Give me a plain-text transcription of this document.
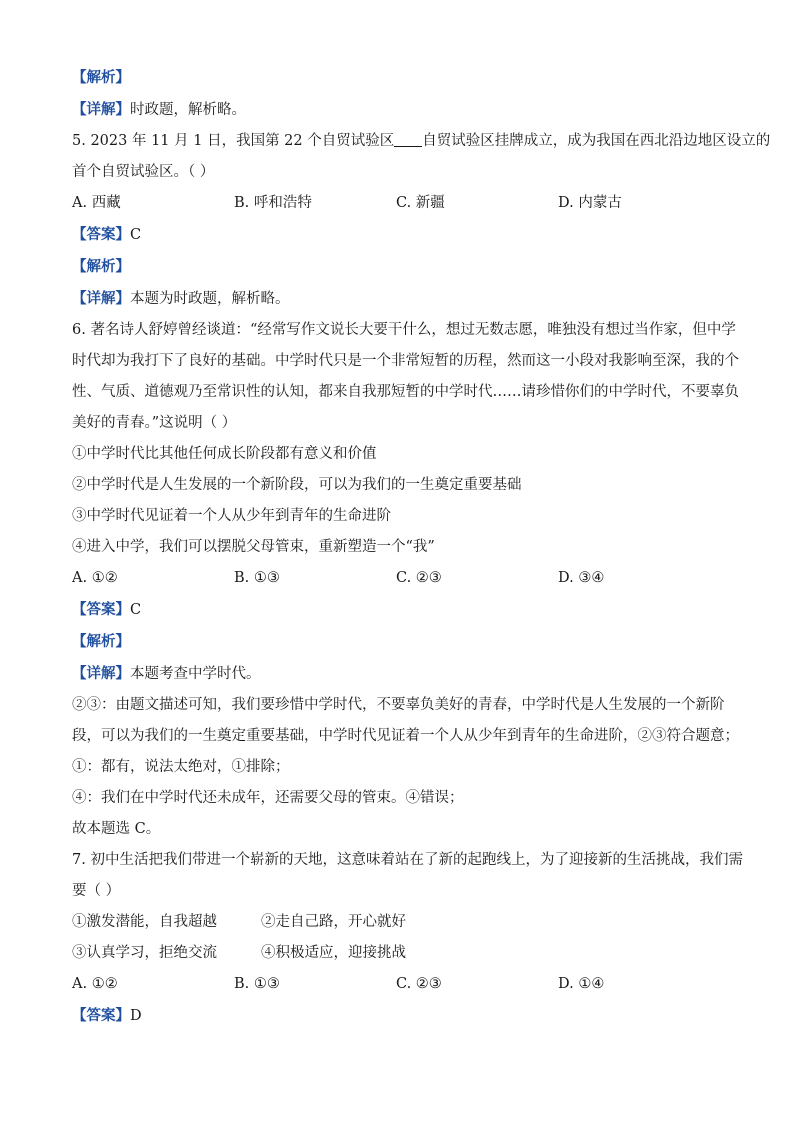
【解析】
【详解】时政题，解析略。
5. 2023 年 11 月 1 日，我国第 22 个自贸试验区 自贸试验区挂牌成立，成为我国在西北沿边地区设立的
首个自贸试验区。（ ）
A. 西藏	B. 呼和浩特	C. 新疆	D. 内蒙古
【答案】C
【解析】
【详解】本题为时政题，解析略。
6. 著名诗人舒婷曾经谈道：“经常写作文说长大要干什么，想过无数志愿，唯独没有想过当作家，但中学
时代却为我打下了良好的基础。中学时代只是一个非常短暂的历程，然而这一小段对我影响至深，我的个
性、气质、道德观乃至常识性的认知，都来自我那短暂的中学时代……请珍惜你们的中学时代，不要辜负
美好的青春。”这说明（ ）
①中学时代比其他任何成长阶段都有意义和价值
②中学时代是人生发展的一个新阶段，可以为我们的一生奠定重要基础
③中学时代见证着一个人从少年到青年的生命进阶
④进入中学，我们可以摆脱父母管束，重新塑造一个“我”
A. ①②	B. ①③	C. ②③	D. ③④
【答案】C
【解析】
【详解】本题考查中学时代。
②③：由题文描述可知，我们要珍惜中学时代，不要辜负美好的青春，中学时代是人生发展的一个新阶
段，可以为我们的一生奠定重要基础，中学时代见证着一个人从少年到青年的生命进阶，②③符合题意；
①：都有，说法太绝对，①排除；
④：我们在中学时代还未成年，还需要父母的管束。④错误；
故本题选 C。
7. 初中生活把我们带进一个崭新的天地，这意味着站在了新的起跑线上，为了迎接新的生活挑战，我们需
要（ ）
①激发潜能，自我超越	②走自己路，开心就好
③认真学习，拒绝交流	④积极适应，迎接挑战
A. ①②	B. ①③	C. ②③	D. ①④
【答案】D
